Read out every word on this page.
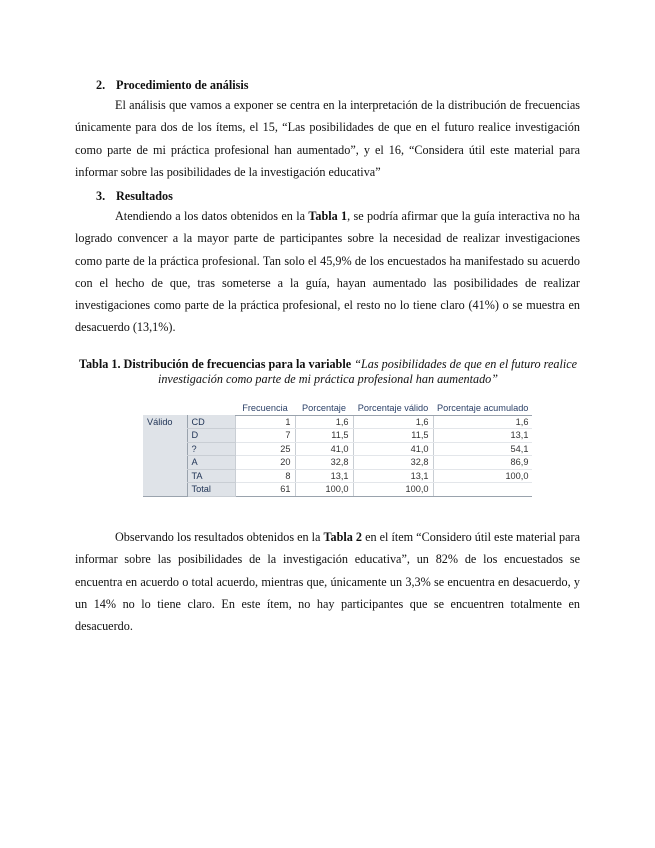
2. Procedimiento de análisis
El análisis que vamos a exponer se centra en la interpretación de la distribución de frecuencias únicamente para dos de los ítems, el 15, “Las posibilidades de que en el futuro realice investigación como parte de mi práctica profesional han aumentado”, y el 16, “Considera útil este material para informar sobre las posibilidades de la investigación educativa”
3. Resultados
Atendiendo a los datos obtenidos en la Tabla 1, se podría afirmar que la guía interactiva no ha logrado convencer a la mayor parte de participantes sobre la necesidad de realizar investigaciones como parte de la práctica profesional. Tan solo el 45,9% de los encuestados ha manifestado su acuerdo con el hecho de que, tras someterse a la guía, hayan aumentado las posibilidades de realizar investigaciones como parte de la práctica profesional, el resto no lo tiene claro (41%) o se muestra en desacuerdo (13,1%).
Tabla 1. Distribución de frecuencias para la variable “Las posibilidades de que en el futuro realice investigación como parte de mi práctica profesional han aumentado”
		Frecuencia	Porcentaje	Porcentaje válido	Porcentaje acumulado
Válido	CD	1	1,6	1,6	1,6
	D	7	11,5	11,5	13,1
	?	25	41,0	41,0	54,1
	A	20	32,8	32,8	86,9
	TA	8	13,1	13,1	100,0
	Total	61	100,0	100,0	
Observando los resultados obtenidos en la Tabla 2 en el ítem “Considero útil este material para informar sobre las posibilidades de la investigación educativa”, un 82% de los encuestados se encuentra en acuerdo o total acuerdo, mientras que, únicamente un 3,3% se encuentra en desacuerdo, y un 14% no lo tiene claro. En este ítem, no hay participantes que se encuentren totalmente en desacuerdo.
